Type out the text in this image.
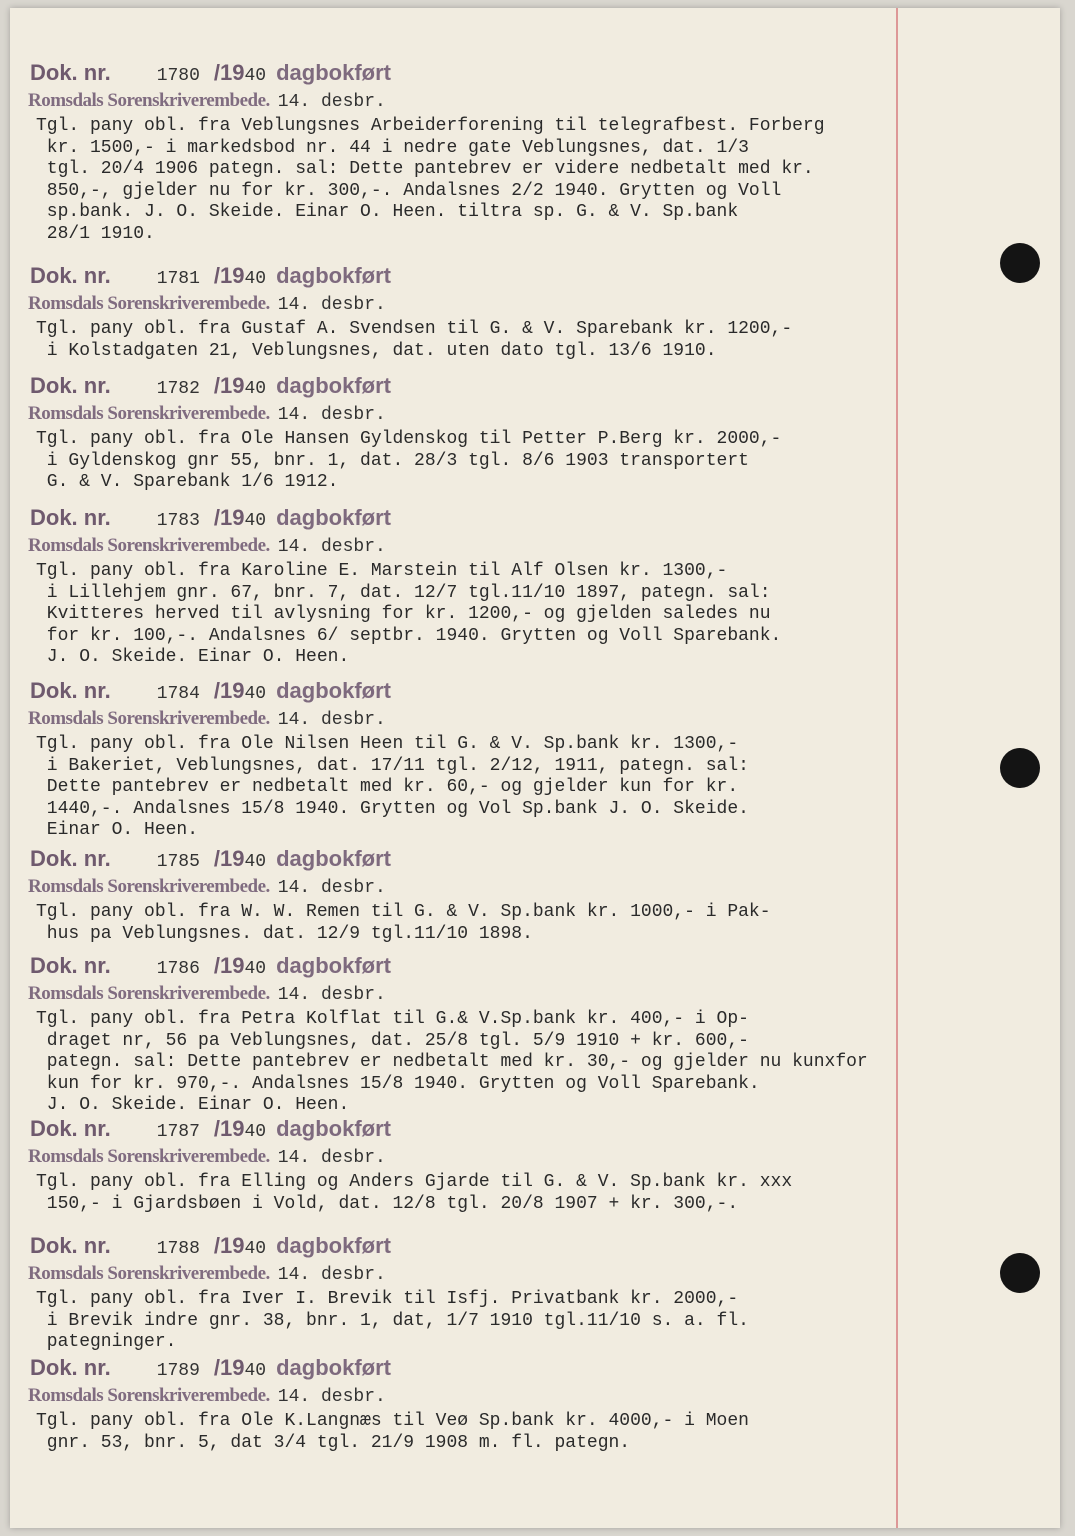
Dok. nr.	1780 /1940 dagbokført
Romsdals Sorenskriverembede. 14. desbr.
Tgl. pany obl. fra Veblungsnes Arbeiderforening til telegrafbest. Forberg
kr. 1500,- i markedsbod nr. 44 i nedre gate Veblungsnes, dat. 1/3
tgl. 20/4 1906 pategn. sal: Dette pantebrev er videre nedbetalt med kr.
850,-, gjelder nu for kr. 300,-. Andalsnes 2/2 1940. Grytten og Voll
sp.bank. J. O. Skeide. Einar O. Heen. tiltra sp. G. & V. Sp.bank
28/1 1910.
Dok. nr.	1781 /1940 dagbokført
Romsdals Sorenskriverembede. 14. desbr.
Tgl. pany obl. fra Gustaf A. Svendsen til G. & V. Sparebank kr. 1200,-
i Kolstadgaten 21, Veblungsnes, dat. uten dato tgl. 13/6 1910.
Dok. nr.	1782 /1940 dagbokført
Romsdals Sorenskriverembede. 14. desbr.
Tgl. pany obl. fra Ole Hansen Gyldenskog til Petter P.Berg kr. 2000,-
i Gyldenskog gnr 55, bnr. 1, dat. 28/3 tgl. 8/6 1903 transportert
G. & V. Sparebank 1/6 1912.
Dok. nr.	1783 /1940 dagbokført
Romsdals Sorenskriverembede. 14. desbr.
Tgl. pany obl. fra Karoline E. Marstein til Alf Olsen kr. 1300,-
i Lillehjem gnr. 67, bnr. 7, dat. 12/7 tgl.11/10 1897, pategn. sal:
Kvitteres herved til avlysning for kr. 1200,- og gjelden saledes nu
for kr. 100,-. Andalsnes 6/ septbr. 1940. Grytten og Voll Sparebank.
J. O. Skeide. Einar O. Heen.
Dok. nr.	1784 /1940 dagbokført
Romsdals Sorenskriverembede. 14. desbr.
Tgl. pany obl. fra Ole Nilsen Heen til G. & V. Sp.bank kr. 1300,-
i Bakeriet, Veblungsnes, dat. 17/11 tgl. 2/12, 1911, pategn. sal:
Dette pantebrev er nedbetalt med kr. 60,- og gjelder kun for kr.
1440,-. Andalsnes 15/8 1940. Grytten og Vol Sp.bank J. O. Skeide.
Einar O. Heen.
Dok. nr.	1785 /1940 dagbokført
Romsdals Sorenskriverembede. 14. desbr.
Tgl. pany obl. fra W. W. Remen til G. & V. Sp.bank kr. 1000,- i Pak-
hus pa Veblungsnes. dat. 12/9 tgl.11/10 1898.
Dok. nr.	1786 /1940 dagbokført
Romsdals Sorenskriverembede. 14. desbr.
Tgl. pany obl. fra Petra Kolflat til G.& V.Sp.bank kr. 400,- i Op-
draget nr, 56 pa Veblungsnes, dat. 25/8 tgl. 5/9 1910 + kr. 600,-
pategn. sal: Dette pantebrev er nedbetalt med kr. 30,- og gjelder nu kunxfor
kun for kr. 970,-. Andalsnes 15/8 1940. Grytten og Voll Sparebank.
J. O. Skeide. Einar O. Heen.
Dok. nr.	1787 /1940 dagbokført
Romsdals Sorenskriverembede. 14. desbr.
Tgl. pany obl. fra Elling og Anders Gjarde til G. & V. Sp.bank kr. xxx
150,- i Gjardsbøen i Vold, dat. 12/8 tgl. 20/8 1907 + kr. 300,-.
Dok. nr.	1788 /1940 dagbokført
Romsdals Sorenskriverembede. 14. desbr.
Tgl. pany obl. fra Iver I. Brevik til Isfj. Privatbank kr. 2000,-
i Brevik indre gnr. 38, bnr. 1, dat, 1/7 1910 tgl.11/10 s. a. fl.
pategninger.
Dok. nr.	1789 /1940 dagbokført
Romsdals Sorenskriverembede. 14. desbr.
Tgl. pany obl. fra Ole K.Langnæs til Veø Sp.bank kr. 4000,- i Moen
gnr. 53, bnr. 5, dat 3/4 tgl. 21/9 1908 m. fl. pategn.
